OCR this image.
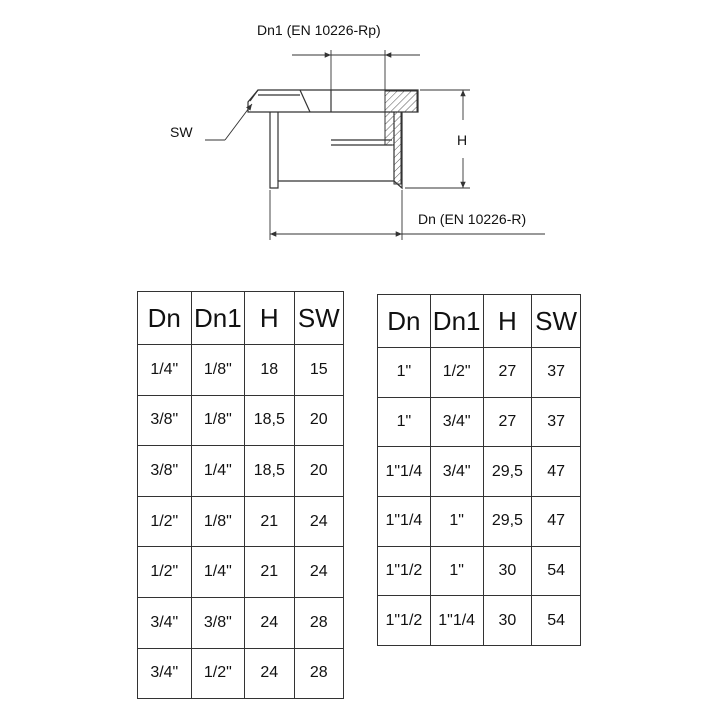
Dn1 (EN 10226-Rp)
SW	H
Dn (EN 10226-R)
Dn	Dn1	H	SW
1/4"	1/8"	18	15
3/8"	1/8"	18,5	20
3/8"	1/4"	18,5	20
1/2"	1/8"	21	24
1/2"	1/4"	21	24
3/4"	3/8"	24	28
3/4"	1/2"	24	28
Dn	Dn1	H	SW
1"	1/2"	27	37
1"	3/4"	27	37
1"1/4	3/4"	29,5	47
1"1/4	1"	29,5	47
1"1/2	1"	30	54
1"1/2	1"1/4	30	54
